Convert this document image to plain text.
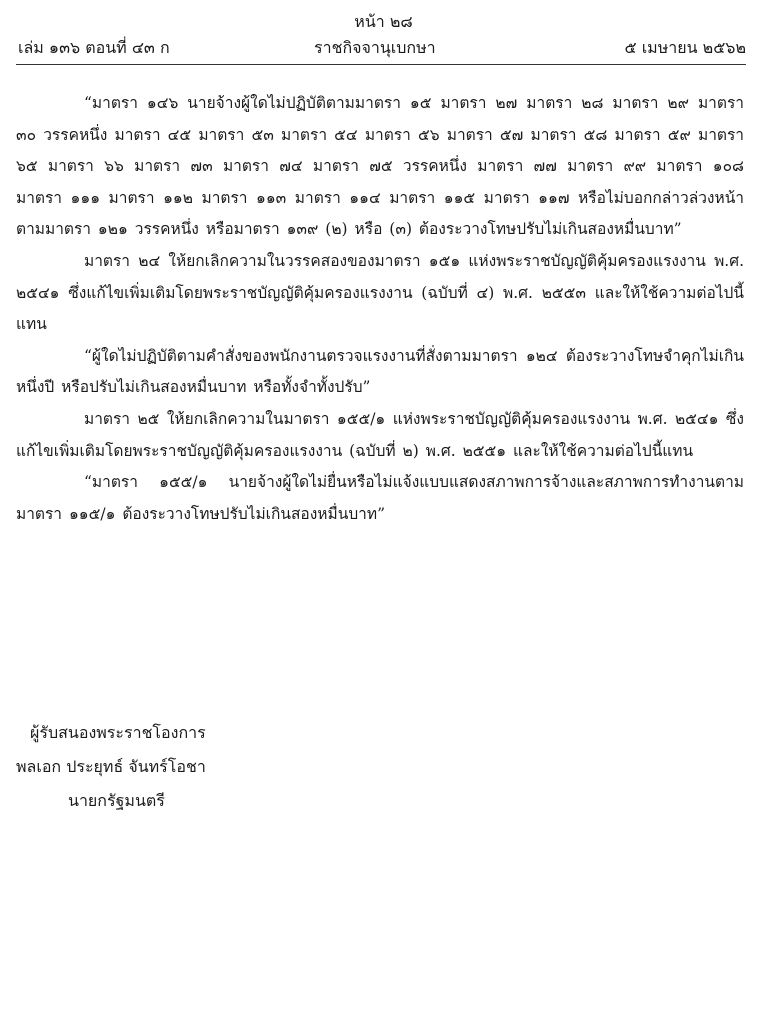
หน้า ๒๘
เล่ม ๑๓๖ ตอนที่ ๔๓ ก	ราชกิจจานุเบกษา	๕ เมษายน ๒๕๖๒

“มาตรา ๑๔๖ นายจ้างผู้ใดไม่ปฏิบัติตามมาตรา ๑๕ มาตรา ๒๗ มาตรา ๒๘ มาตรา ๒๙ มาตรา ๓๐ วรรคหนึ่ง มาตรา ๔๕ มาตรา ๕๓ มาตรา ๕๔ มาตรา ๕๖ มาตรา ๕๗ มาตรา ๕๘ มาตรา ๕๙ มาตรา ๖๕ มาตรา ๖๖ มาตรา ๗๓ มาตรา ๗๔ มาตรา ๗๕ วรรคหนึ่ง มาตรา ๗๗ มาตรา ๙๙ มาตรา ๑๐๘ มาตรา ๑๑๑ มาตรา ๑๑๒ มาตรา ๑๑๓ มาตรา ๑๑๔ มาตรา ๑๑๕ มาตรา ๑๑๗ หรือไม่บอกกล่าวล่วงหน้า ตามมาตรา ๑๒๑ วรรคหนึ่ง หรือมาตรา ๑๓๙ (๒) หรือ (๓) ต้องระวางโทษปรับไม่เกินสองหมื่นบาท”

มาตรา ๒๔ ให้ยกเลิกความในวรรคสองของมาตรา ๑๕๑ แห่งพระราชบัญญัติคุ้มครองแรงงาน พ.ศ. ๒๕๔๑ ซึ่งแก้ไขเพิ่มเติมโดยพระราชบัญญัติคุ้มครองแรงงาน (ฉบับที่ ๔) พ.ศ. ๒๕๕๓ และให้ใช้ความต่อไปนี้แทน

“ผู้ใดไม่ปฏิบัติตามคำสั่งของพนักงานตรวจแรงงานที่สั่งตามมาตรา ๑๒๔ ต้องระวางโทษจำคุกไม่เกินหนึ่งปี หรือปรับไม่เกินสองหมื่นบาท หรือทั้งจำทั้งปรับ”

มาตรา ๒๕ ให้ยกเลิกความในมาตรา ๑๕๕/๑ แห่งพระราชบัญญัติคุ้มครองแรงงาน พ.ศ. ๒๕๔๑ ซึ่งแก้ไขเพิ่มเติมโดยพระราชบัญญัติคุ้มครองแรงงาน (ฉบับที่ ๒) พ.ศ. ๒๕๕๑ และให้ใช้ความต่อไปนี้แทน

“มาตรา ๑๕๕/๑ นายจ้างผู้ใดไม่ยื่นหรือไม่แจ้งแบบแสดงสภาพการจ้างและสภาพการทำงานตามมาตรา ๑๑๕/๑ ต้องระวางโทษปรับไม่เกินสองหมื่นบาท”

ผู้รับสนองพระราชโองการ
พลเอก ประยุทธ์ จันทร์โอชา
นายกรัฐมนตรี
